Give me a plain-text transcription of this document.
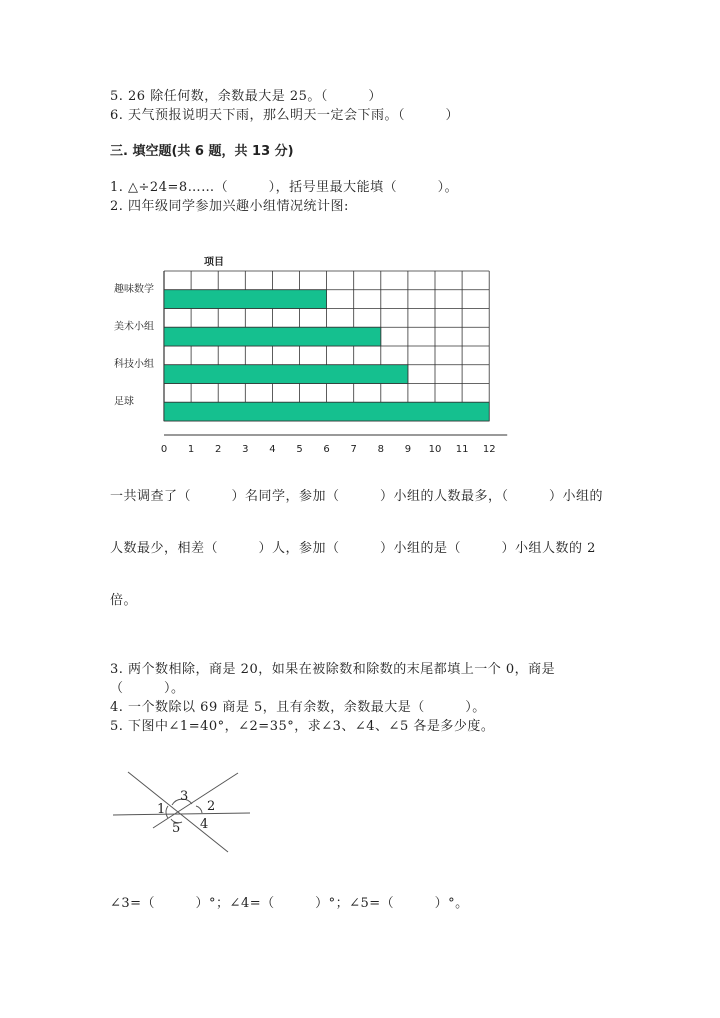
5. 26 除任何数，余数最大是 25。（　　　）
6. 天气预报说明天下雨，那么明天一定会下雨。（　　　）
三. 填空题(共 6 题，共 13 分)
1. △÷24=8……（　　　），括号里最大能填（　　　）。
2. 四年级同学参加兴趣小组情况统计图:
项目
趣味数学
美术小组
科技小组
足球
0 1 2 3 4 5 6 7 8 9 10 11 12
一共调查了（　　　）名同学，参加（　　　）小组的人数最多，（　　　）小组的
人数最少，相差（　　　）人，参加（　　　）小组的是（　　　）小组人数的 2
倍。
3. 两个数相除，商是 20，如果在被除数和除数的末尾都填上一个 0，商是
（　　　）。
4. 一个数除以 69 商是 5，且有余数，余数最大是（　　　）。
5. 下图中∠1=40°，∠2=35°，求∠3、∠4、∠5 各是多少度。
1	2
3
4
5
∠3=（　　　）°；∠4=（　　　）°；∠5=（　　　）°。
